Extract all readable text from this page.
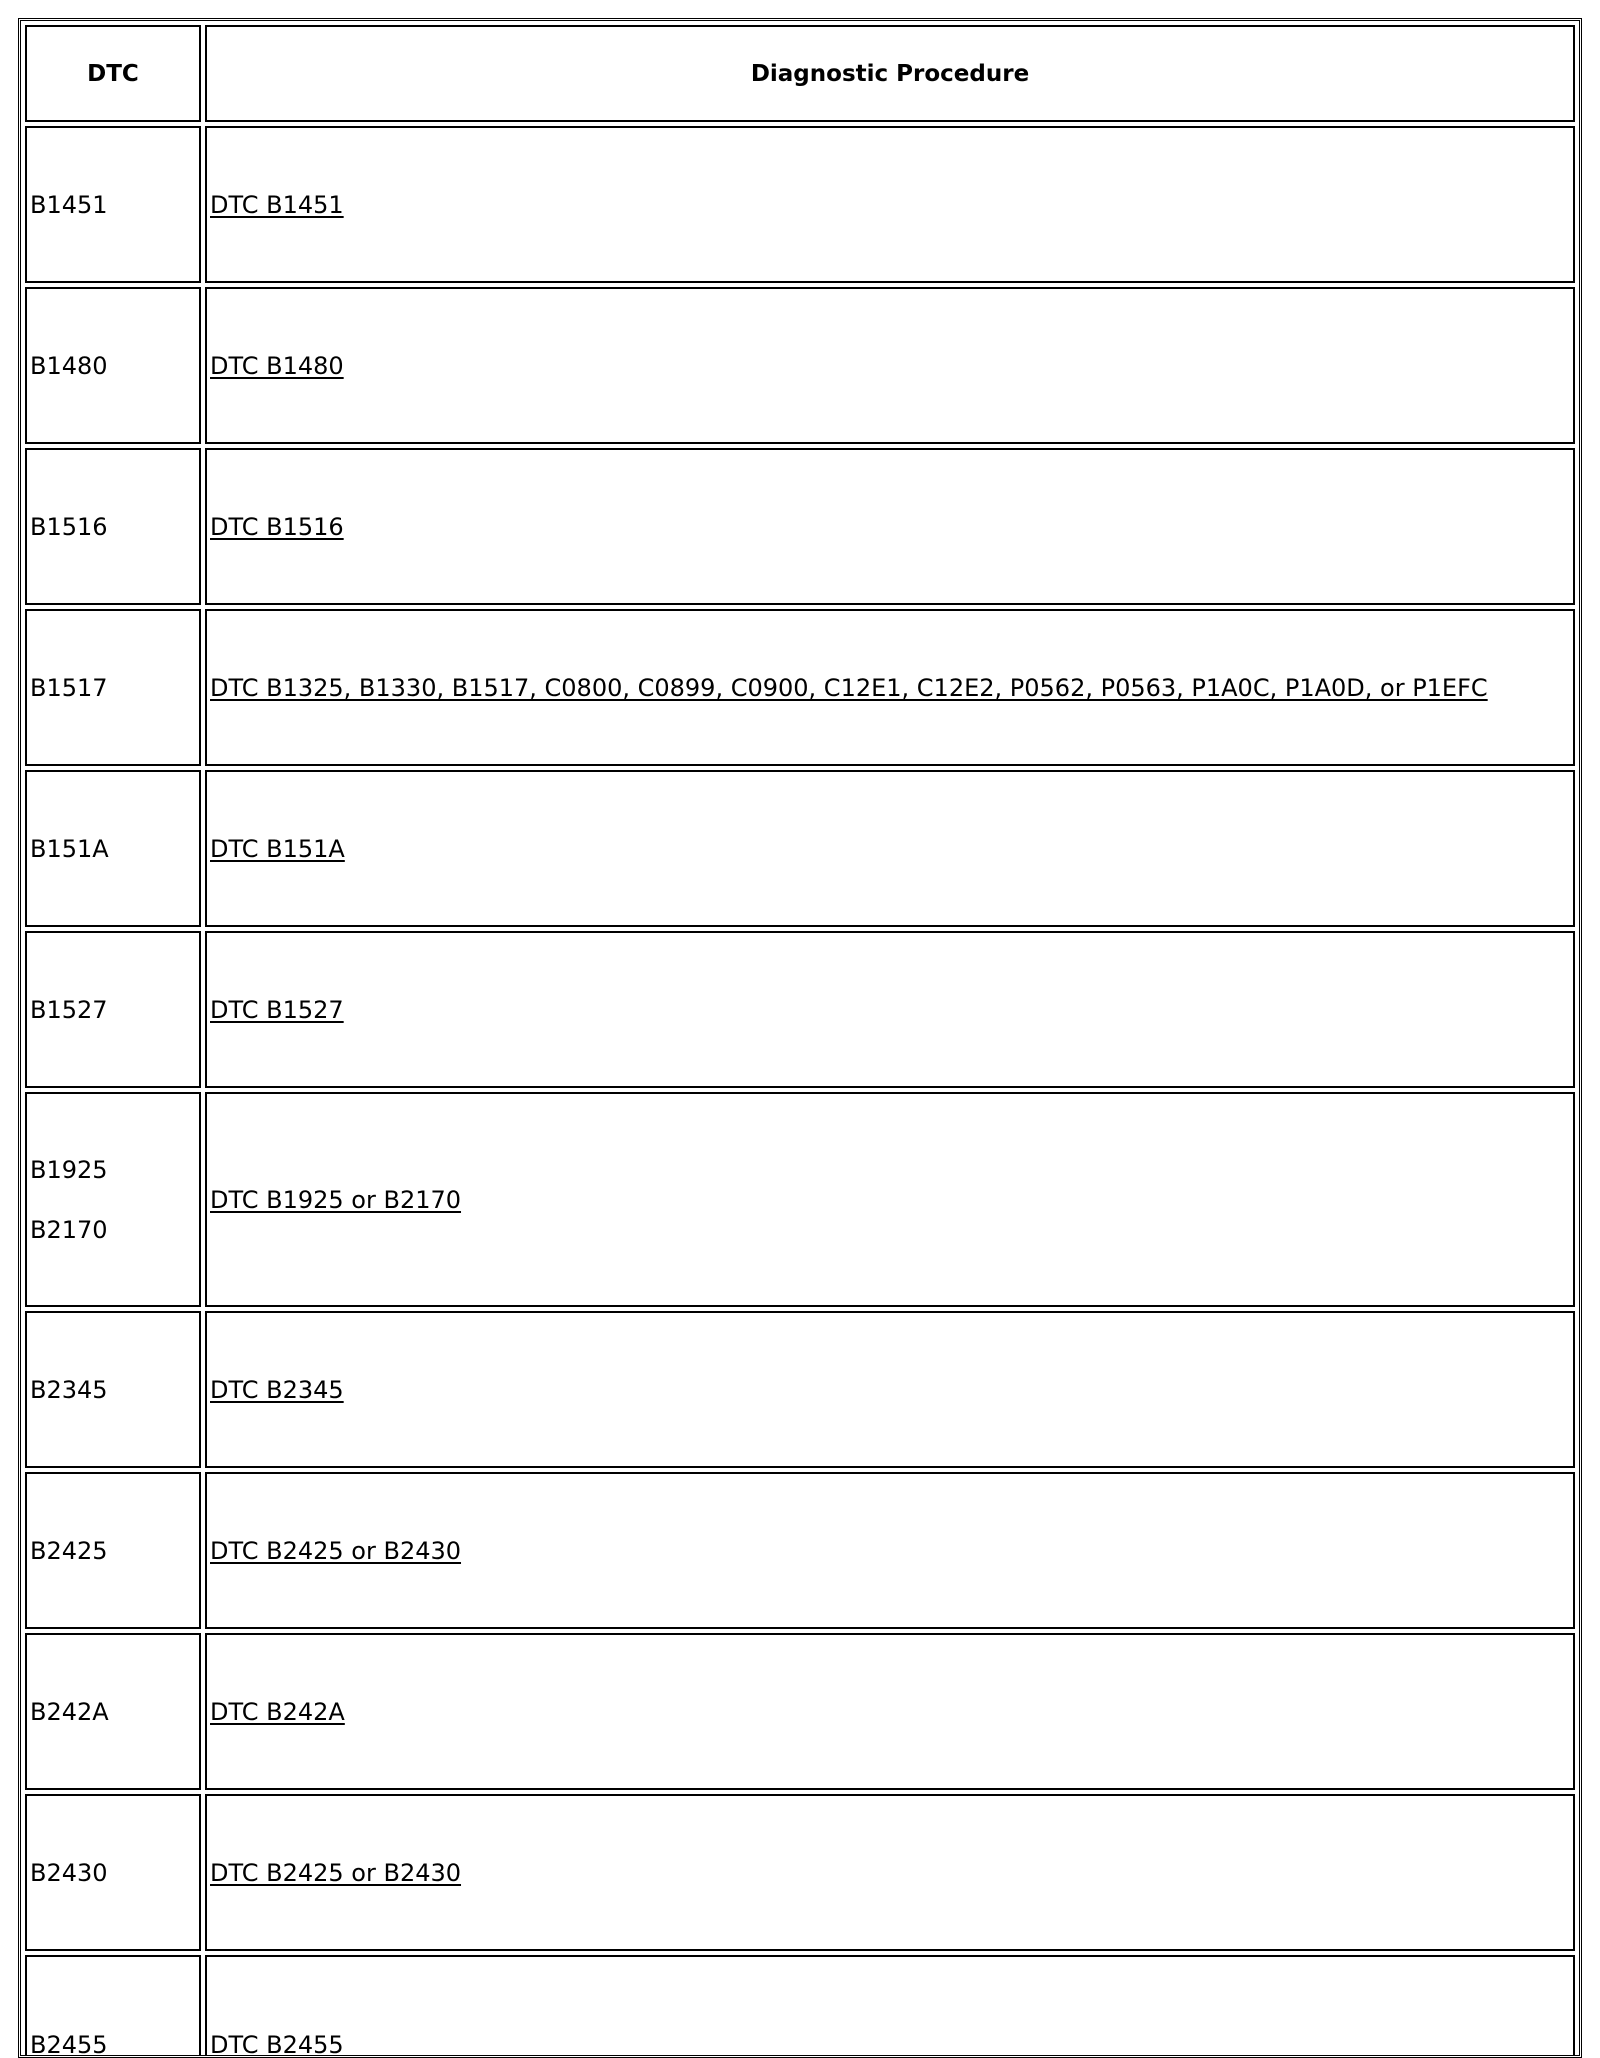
DTC	Diagnostic Procedure

B1451	DTC B1451

B1480	DTC B1480

B1516	DTC B1516

B1517	DTC B1325, B1330, B1517, C0800, C0899, C0900, C12E1, C12E2, P0562, P0563, P1A0C, P1A0D, or P1EFC

B151A	DTC B151A

B1527	DTC B1527

B1925
B2170	DTC B1925 or B2170

B2345	DTC B2345

B2425	DTC B2425 or B2430

B242A	DTC B242A

B2430	DTC B2425 or B2430

B2455	DTC B2455
